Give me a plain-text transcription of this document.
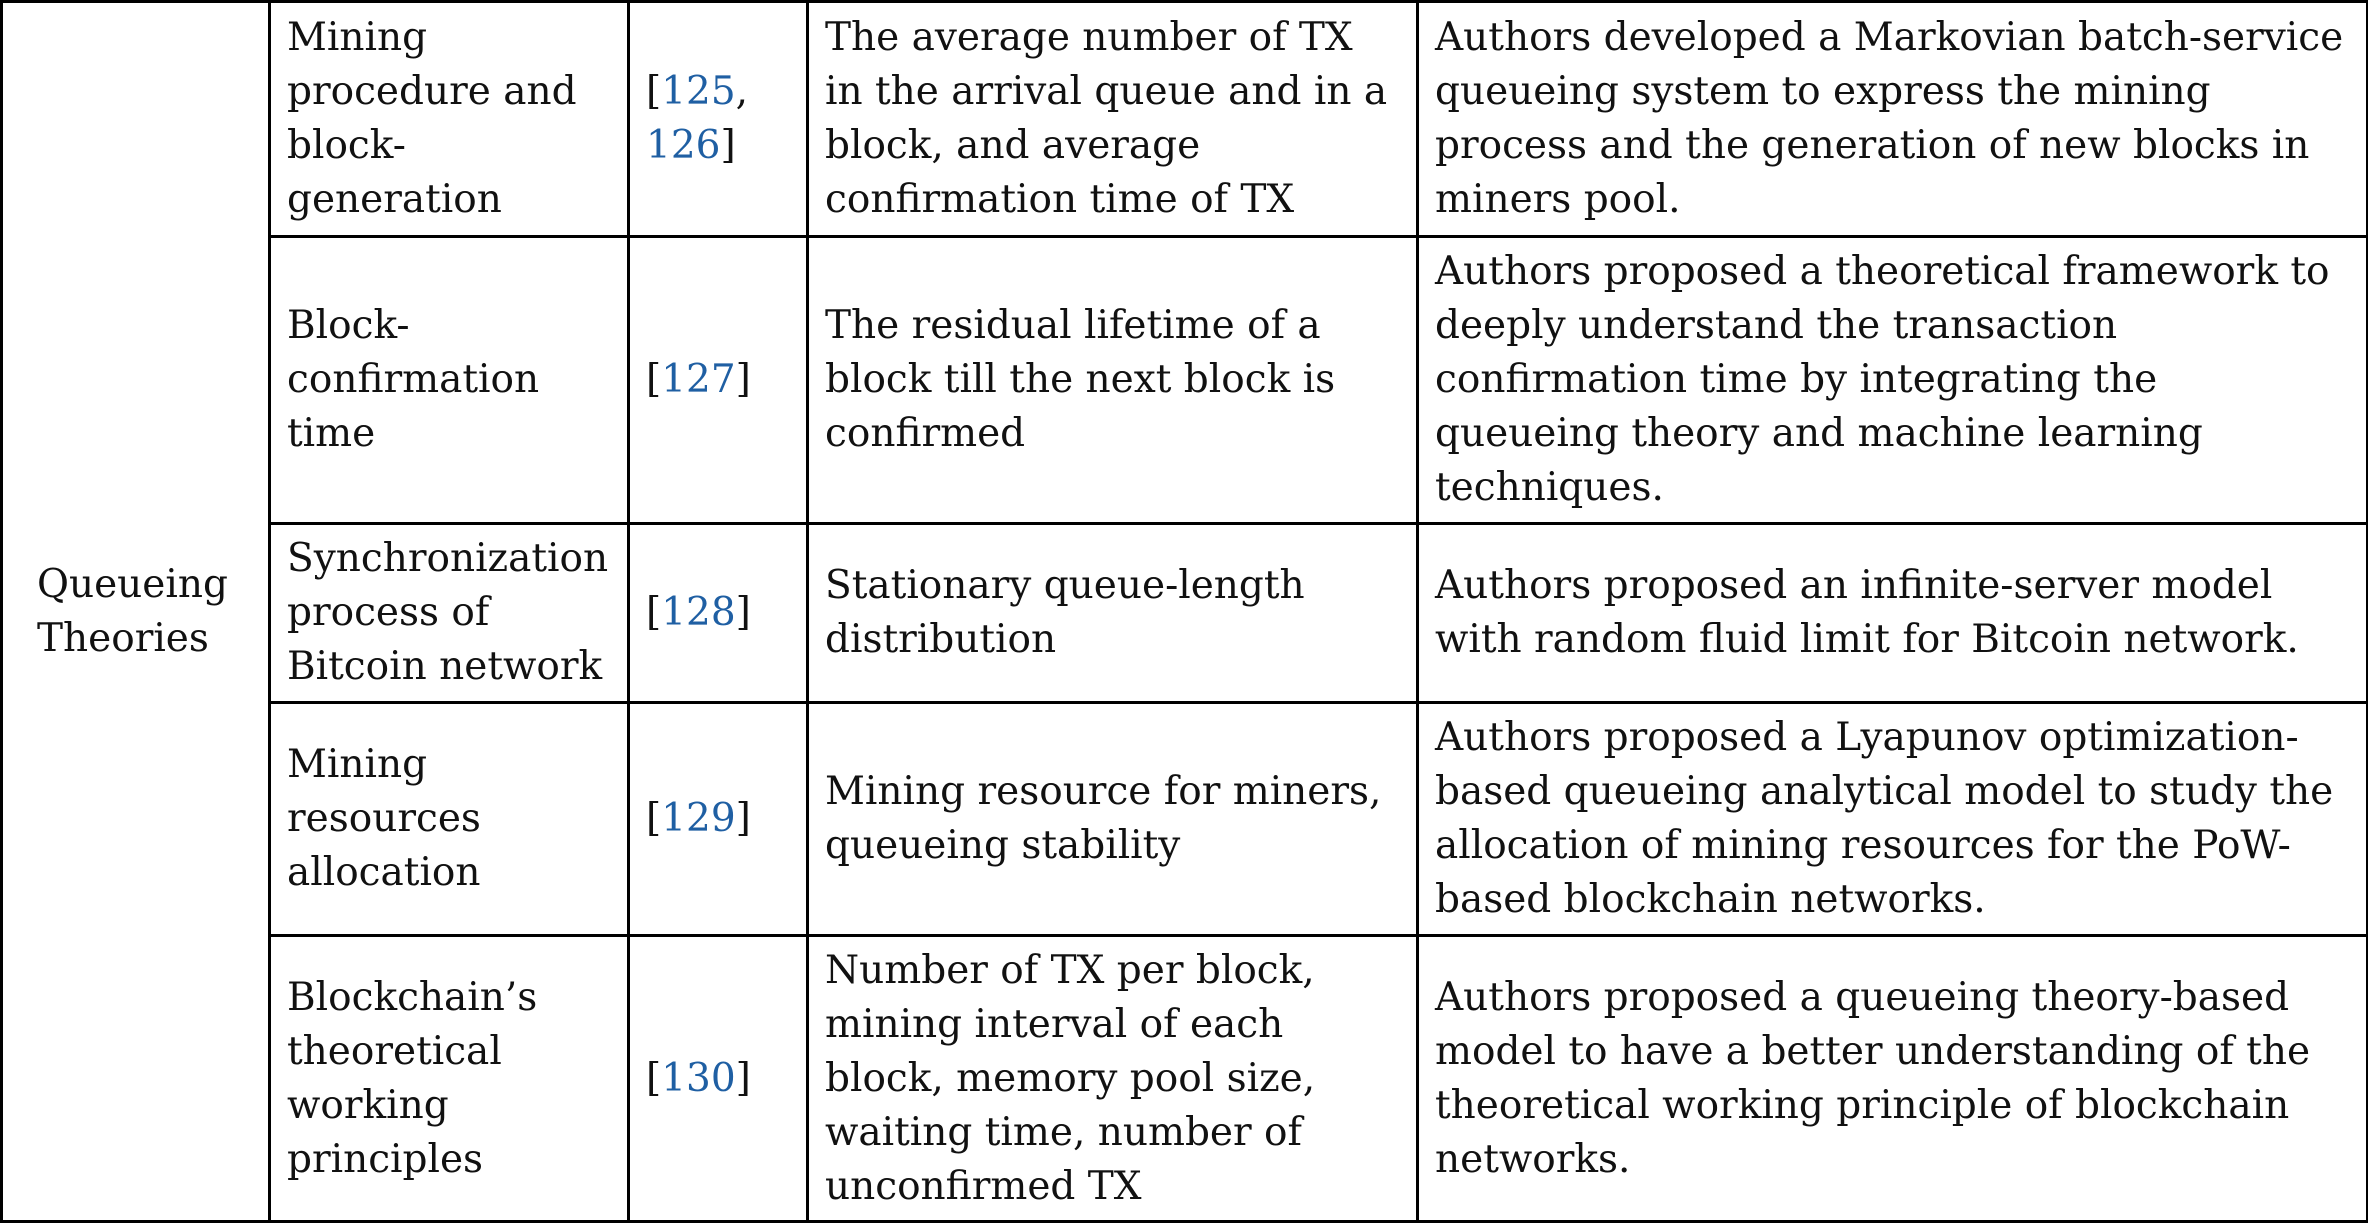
Queueing Theories	Mining procedure and block-generation	[125, 126]	The average number of TX in the arrival queue and in a block, and average confirmation time of TX	Authors developed a Markovian batch-service queueing system to express the mining process and the generation of new blocks in miners pool.
	Block-confirmation time	[127]	The residual lifetime of a block till the next block is confirmed	Authors proposed a theoretical framework to deeply understand the transaction confirmation time by integrating the queueing theory and machine learning techniques.
	Synchronization process of Bitcoin network	[128]	Stationary queue-length distribution	Authors proposed an infinite-server model with random fluid limit for Bitcoin network.
	Mining resources allocation	[129]	Mining resource for miners, queueing stability	Authors proposed a Lyapunov optimization-based queueing analytical model to study the allocation of mining resources for the PoW-based blockchain networks.
	Blockchain’s theoretical working principles	[130]	Number of TX per block, mining interval of each block, memory pool size, waiting time, number of unconfirmed TX	Authors proposed a queueing theory-based model to have a better understanding of the theoretical working principle of blockchain networks.
